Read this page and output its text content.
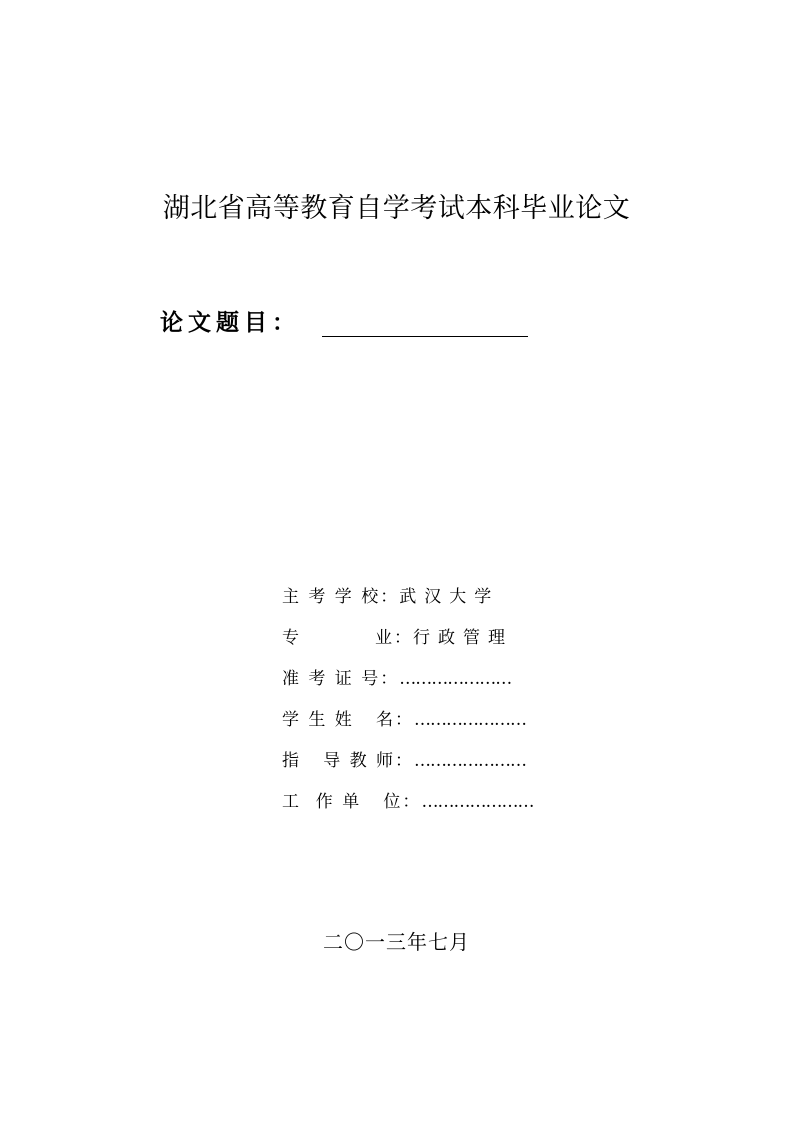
湖北省高等教育自学考试本科毕业论文
论文题目：
主 考 学 校： 武汉大学
专          业： 行政管理
准 考 证 号： …………………
学 生 姓   名： …………………
指   导 教 师： …………………
工  作 单   位： …………………
二〇一三年七月
